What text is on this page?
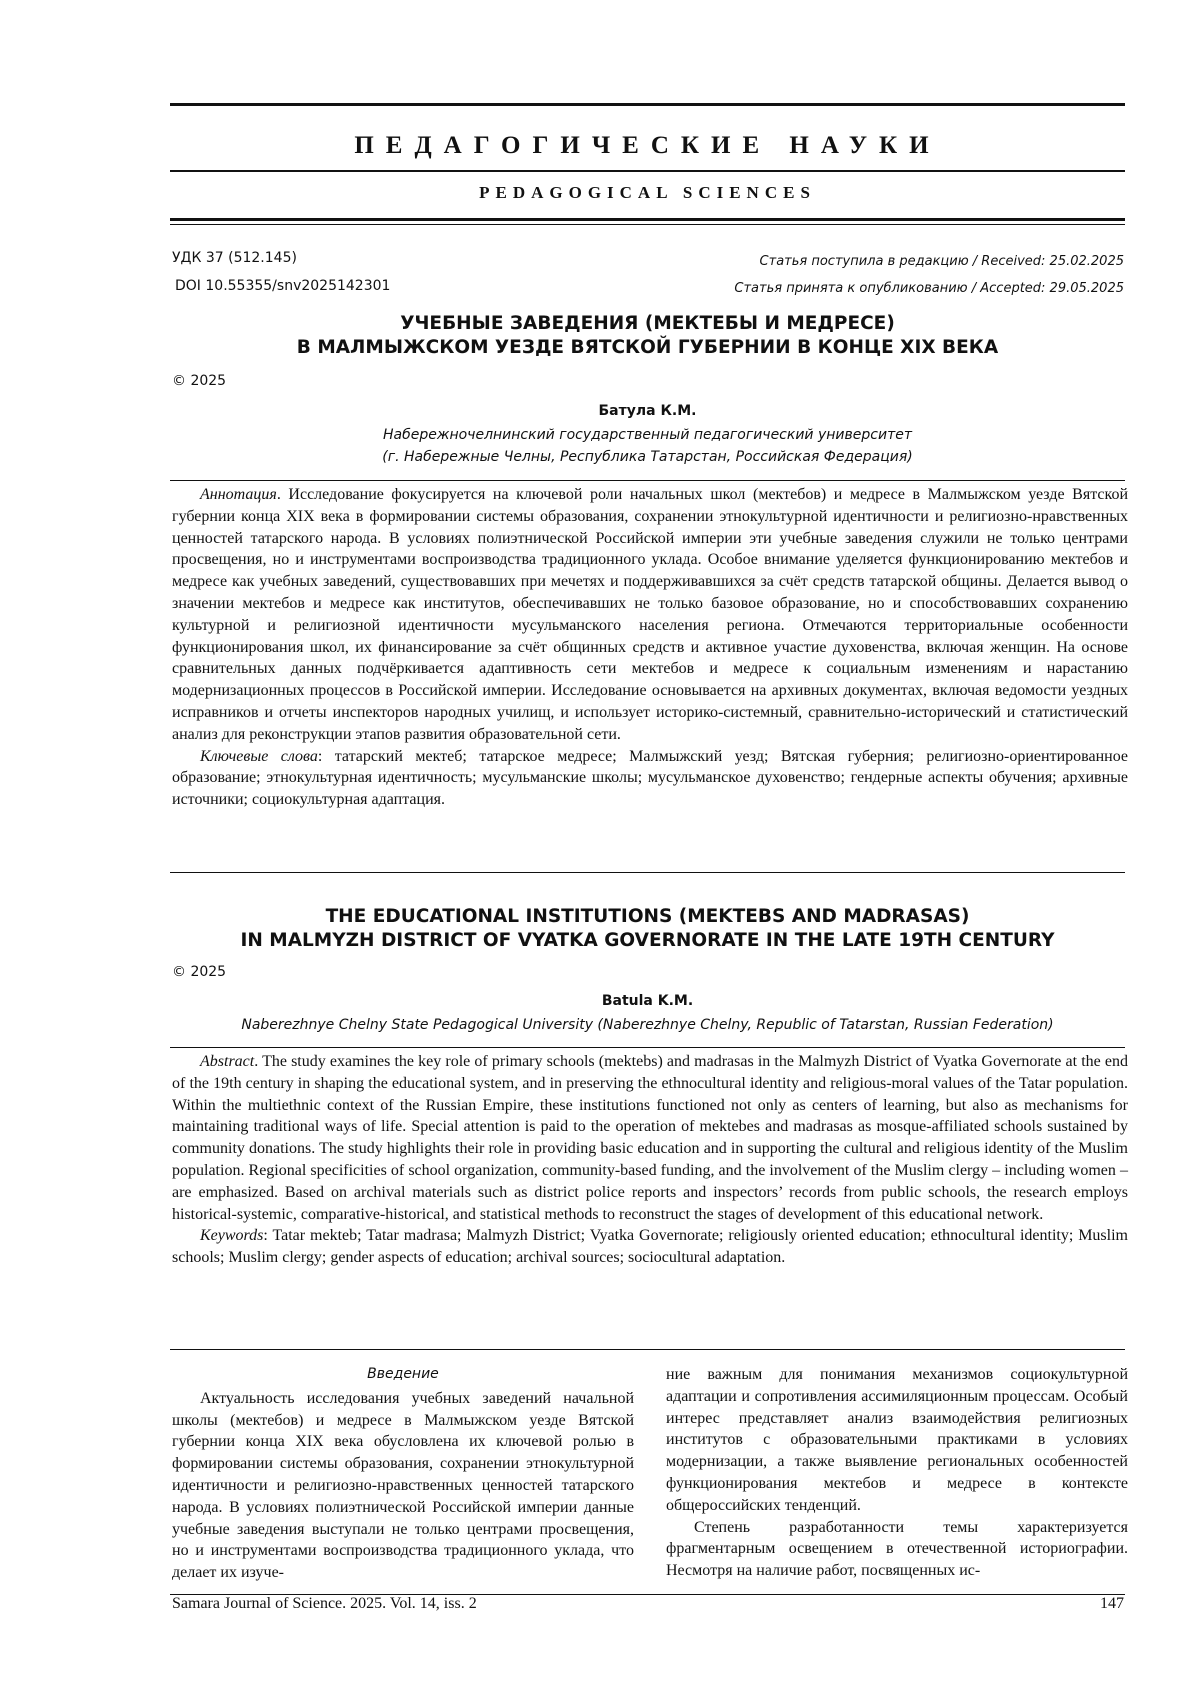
ПЕДАГОГИЧЕСКИЕ НАУКИ
PEDAGOGICAL SCIENCES
УДК 37 (512.145)
DOI 10.55355/snv2025142301
Статья поступила в редакцию / Received: 25.02.2025
Статья принята к опубликованию / Accepted: 29.05.2025
УЧЕБНЫЕ ЗАВЕДЕНИЯ (МЕКТЕБЫ И МЕДРЕСЕ)
В МАЛМЫЖСКОМ УЕЗДЕ ВЯТСКОЙ ГУБЕРНИИ В КОНЦЕ XIX ВЕКА
© 2025
Батула К.М.
Набережночелнинский государственный педагогический университет
(г. Набережные Челны, Республика Татарстан, Российская Федерация)

Аннотация. Исследование фокусируется на ключевой роли начальных школ (мектебов) и медресе в Малмыжском уезде Вятской губернии конца XIX века в формировании системы образования, сохранении этнокультурной идентичности и религиозно-нравственных ценностей татарского народа. В условиях полиэтнической Российской империи эти учебные заведения служили не только центрами просвещения, но и инструментами воспроизводства традиционного уклада. Особое внимание уделяется функционированию мектебов и медресе как учебных заведений, существовавших при мечетях и поддерживавшихся за счёт средств татарской общины. Делается вывод о значении мектебов и медресе как институтов, обеспечивавших не только базовое образование, но и способствовавших сохранению культурной и религиозной идентичности мусульманского населения региона. Отмечаются территориальные особенности функционирования школ, их финансирование за счёт общинных средств и активное участие духовенства, включая женщин. На основе сравнительных данных подчёркивается адаптивность сети мектебов и медресе к социальным изменениям и нарастанию модернизационных процессов в Российской империи. Исследование основывается на архивных документах, включая ведомости уездных исправников и отчеты инспекторов народных училищ, и использует историко-системный, сравнительно-исторический и статистический анализ для реконструкции этапов развития образовательной сети.

Ключевые слова: татарский мектеб; татарское медресе; Малмыжский уезд; Вятская губерния; религиозно-ориентированное образование; этнокультурная идентичность; мусульманские школы; мусульманское духовенство; гендерные аспекты обучения; архивные источники; социокультурная адаптация.

THE EDUCATIONAL INSTITUTIONS (MEKTEBS AND MADRASAS)
IN MALMYZH DISTRICT OF VYATKA GOVERNORATE IN THE LATE 19TH CENTURY
© 2025
Batula K.M.
Naberezhnye Chelny State Pedagogical University (Naberezhnye Chelny, Republic of Tatarstan, Russian Federation)

Abstract. The study examines the key role of primary schools (mektebs) and madrasas in the Malmyzh District of Vyatka Governorate at the end of the 19th century in shaping the educational system, and in preserving the ethnocultural identity and religious-moral values of the Tatar population. Within the multiethnic context of the Russian Empire, these institutions functioned not only as centers of learning, but also as mechanisms for maintaining traditional ways of life. Special attention is paid to the operation of mektebes and madrasas as mosque-affiliated schools sustained by community donations. The study highlights their role in providing basic education and in supporting the cultural and religious identity of the Muslim population. Regional specificities of school organization, community-based funding, and the involvement of the Muslim clergy – including women – are emphasized. Based on archival materials such as district police reports and inspectors’ records from public schools, the research employs historical-systemic, comparative-historical, and statistical methods to reconstruct the stages of development of this educational network.

Keywords: Tatar mekteb; Tatar madrasa; Malmyzh District; Vyatka Governorate; religiously oriented education; ethnocultural identity; Muslim schools; Muslim clergy; gender aspects of education; archival sources; sociocultural adaptation.

Введение

Актуальность исследования учебных заведений начальной школы (мектебов) и медресе в Малмыжском уезде Вятской губернии конца XIX века обусловлена их ключевой ролью в формировании системы образования, сохранении этнокультурной идентичности и религиозно-нравственных ценностей татарского народа. В условиях полиэтнической Российской империи данные учебные заведения выступали не только центрами просвещения, но и инструментами воспроизводства традиционного уклада, что делает их изуче-

ние важным для понимания механизмов социокультурной адаптации и сопротивления ассимиляционным процессам. Особый интерес представляет анализ взаимодействия религиозных институтов с образовательными практиками в условиях модернизации, а также выявление региональных особенностей функционирования мектебов и медресе в контексте общероссийских тенденций.

Степень разработанности темы характеризуется фрагментарным освещением в отечественной историографии. Несмотря на наличие работ, посвященных ис-

Samara Journal of Science. 2025. Vol. 14, iss. 2	147
